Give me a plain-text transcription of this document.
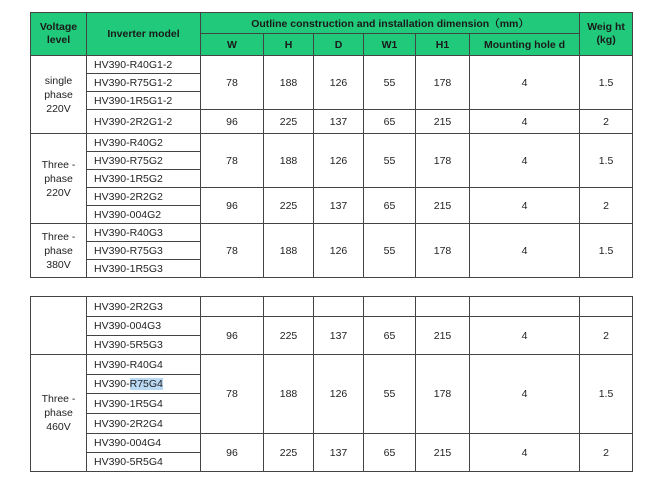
Voltage level	Inverter model	Outline construction and installation dimension（mm）						Weig ht (kg)
		W	H	D	W1	H1	Mounting hole d	
single phase 220V	HV390-R40G1-2	78	188	126	55	178	4	1.5
	HV390-R75G1-2							
	HV390-1R5G1-2							
	HV390-2R2G1-2	96	225	137	65	215	4	2
Three -phase 220V	HV390-R40G2	78	188	126	55	178	4	1.5
	HV390-R75G2							
	HV390-1R5G2							
	HV390-2R2G2	96	225	137	65	215	4	2
	HV390-004G2							
Three -phase 380V	HV390-R40G3	78	188	126	55	178	4	1.5
	HV390-R75G3							
	HV390-1R5G3							
	HV390-2R2G3							
	HV390-004G3	96	225	137	65	215	4	2
	HV390-5R5G3							
Three -phase 460V	HV390-R40G4	78	188	126	55	178	4	1.5
	HV390-R75G4							
	HV390-1R5G4							
	HV390-2R2G4							
	HV390-004G4	96	225	137	65	215	4	2
	HV390-5R5G4							
